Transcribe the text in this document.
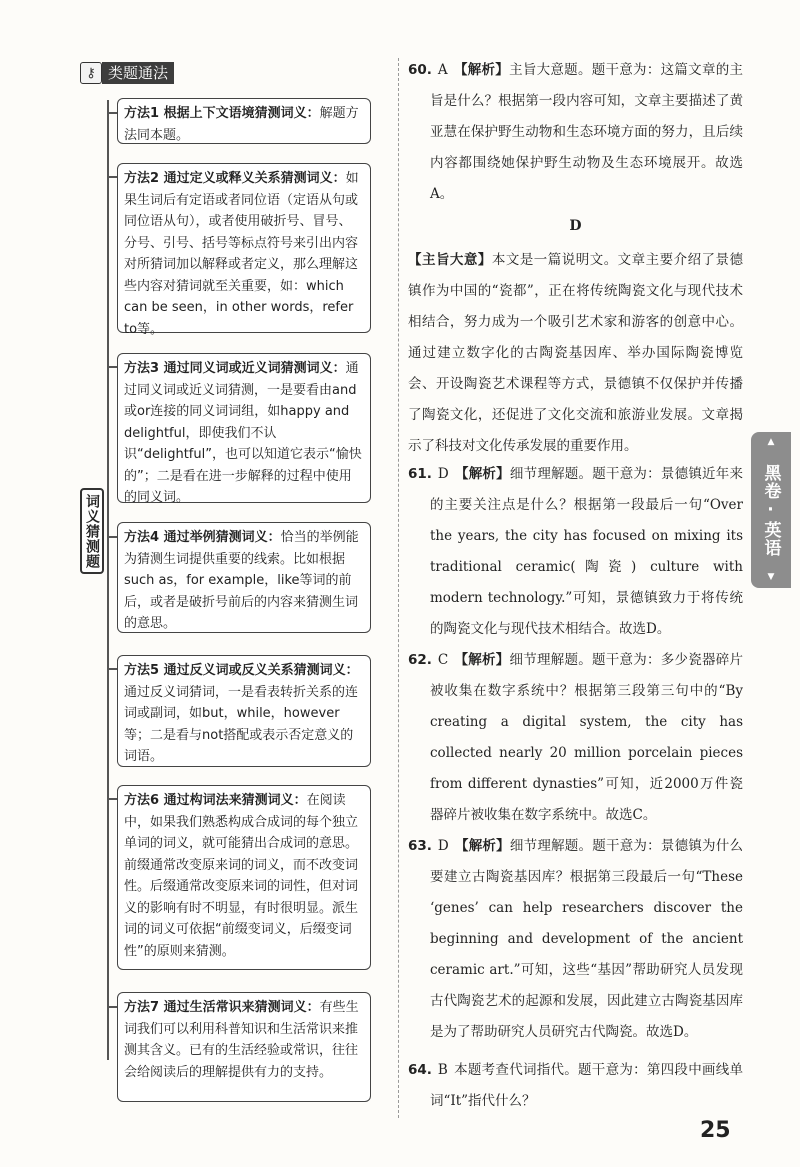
⚷ 类题通法
词义猜测题
方法1 根据上下文语境猜测词义：解题方法同本题。
方法2 通过定义或释义关系猜测词义：如果生词后有定语或者同位语（定语从句或同位语从句），或者使用破折号、冒号、分号、引号、括号等标点符号来引出内容对所猜词加以解释或者定义，那么理解这些内容对猜词就至关重要，如：which can be seen，in other words，refer to等。
方法3 通过同义词或近义词猜测词义：通过同义词或近义词猜测，一是要看由and或or连接的同义词词组，如happy and delightful，即使我们不认识“delightful”，也可以知道它表示“愉快的”；二是看在进一步解释的过程中使用的同义词。
方法4 通过举例猜测词义：恰当的举例能为猜测生词提供重要的线索。比如根据such as，for example，like等词的前后，或者是破折号前后的内容来猜测生词的意思。
方法5 通过反义词或反义关系猜测词义：通过反义词猜词，一是看表转折关系的连词或副词，如but，while，however等；二是看与not搭配或表示否定意义的词语。
方法6 通过构词法来猜测词义：在阅读中，如果我们熟悉构成合成词的每个独立单词的词义，就可能猜出合成词的意思。前缀通常改变原来词的词义，而不改变词性。后缀通常改变原来词的词性，但对词义的影响有时不明显，有时很明显。派生词的词义可依据“前缀变词义，后缀变词性”的原则来猜测。
方法7 通过生活常识来猜测词义：有些生词我们可以利用科普知识和生活常识来推测其含义。已有的生活经验或常识，往往会给阅读后的理解提供有力的支持。
60. A 【解析】主旨大意题。题干意为：这篇文章的主旨是什么？根据第一段内容可知，文章主要描述了黄亚慧在保护野生动物和生态环境方面的努力，且后续内容都围绕她保护野生动物及生态环境展开。故选A。
D
【主旨大意】本文是一篇说明文。文章主要介绍了景德镇作为中国的“瓷都”，正在将传统陶瓷文化与现代技术相结合，努力成为一个吸引艺术家和游客的创意中心。通过建立数字化的古陶瓷基因库、举办国际陶瓷博览会、开设陶瓷艺术课程等方式，景德镇不仅保护并传播了陶瓷文化，还促进了文化交流和旅游业发展。文章揭示了科技对文化传承发展的重要作用。
61. D 【解析】细节理解题。题干意为：景德镇近年来的主要关注点是什么？根据第一段最后一句“Over the years, the city has focused on mixing its traditional ceramic(陶瓷) culture with modern technology.”可知，景德镇致力于将传统的陶瓷文化与现代技术相结合。故选D。
62. C 【解析】细节理解题。题干意为：多少瓷器碎片被收集在数字系统中？根据第三段第三句中的“By creating a digital system, the city has collected nearly 20 million porcelain pieces from different dynasties”可知，近2000万件瓷器碎片被收集在数字系统中。故选C。
63. D 【解析】细节理解题。题干意为：景德镇为什么要建立古陶瓷基因库？根据第三段最后一句“These ‘genes’ can help researchers discover the beginning and development of the ancient ceramic art.”可知，这些“基因”帮助研究人员发现古代陶瓷艺术的起源和发展，因此建立古陶瓷基因库是为了帮助研究人员研究古代陶瓷。故选D。
64. B 本题考查代词指代。题干意为：第四段中画线单词“It”指代什么？
▲
黑卷·英语
▼
25
